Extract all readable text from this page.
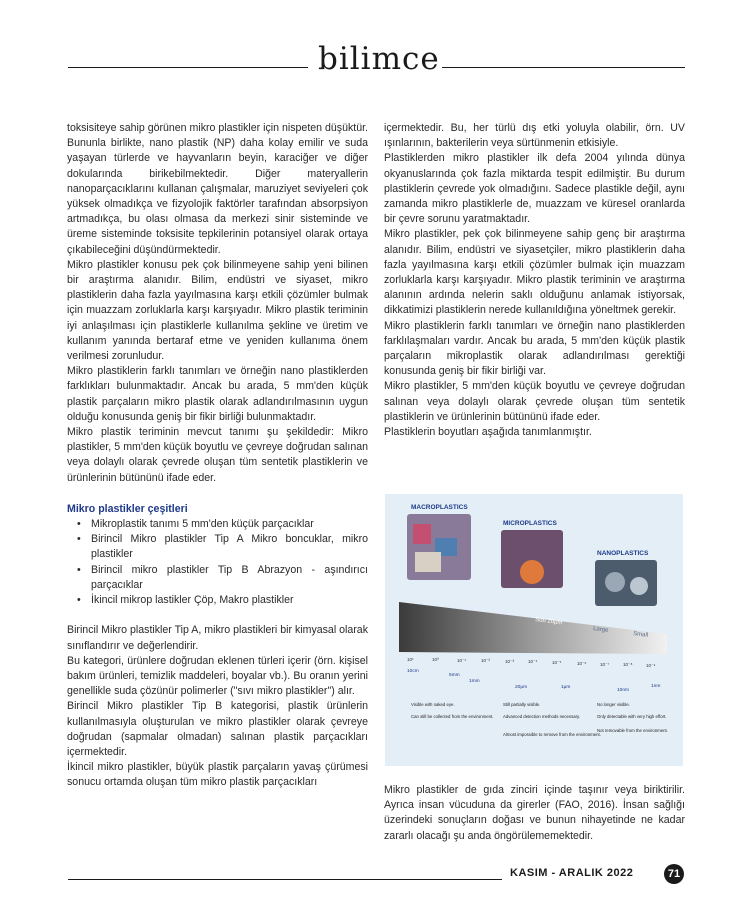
bilimce

toksisiteye sahip görünen mikro plastikler için nispeten düşüktür. Bununla birlikte, nano plastik (NP) daha kolay emilir ve suda yaşayan türlerde ve hayvanların beyin, karaciğer ve diğer dokularında birikebilmektedir. Diğer materyallerin nanoparçacıklarını kullanan çalışmalar, maruziyet seviyeleri çok yüksek olmadıkça ve fizyolojik faktörler tarafından absorpsiyon artmadıkça, bu olası olmasa da merkezi sinir sisteminde ve üreme sisteminde toksisite tepkilerinin potansiyel olarak ortaya çıkabileceğini düşündürmektedir.

Mikro plastikler konusu pek çok bilinmeyene sahip yeni bilinen bir araştırma alanıdır. Bilim, endüstri ve siyaset, mikro plastiklerin daha fazla yayılmasına karşı etkili çözümler bulmak için muazzam zorluklarla karşı karşıyadır. Mikro plastik teriminin iyi anlaşılması için plastiklerle kullanılma şekline ve üretim ve kullanım yanında bertaraf etme ve yeniden kullanıma önem verilmesi zorunludur.

Mikro plastiklerin farklı tanımları ve örneğin nano plastiklerden farklıkları bulunmaktadır. Ancak bu arada, 5 mm'den küçük plastik parçaların mikro plastik olarak adlandırılmasının uygun olduğu konusunda geniş bir fikir birliği bulunmaktadır.

Mikro plastik teriminin mevcut tanımı şu şekildedir: Mikro plastikler, 5 mm'den küçük boyutlu ve çevreye doğrudan salınan veya dolaylı olarak çevrede oluşan tüm sentetik plastiklerin ve ürünlerinin bütününü ifade eder.

Mikro plastikler çeşitleri

• Mikroplastik tanımı 5 mm'den küçük parçacıklar
• Birincil Mikro plastikler Tip A Mikro boncuklar, mikro plastikler
• Birincil mikro plastikler Tip B Abrazyon - aşındırıcı parçacıklar
• İkincil mikrop lastikler Çöp, Makro plastikler

Birincil Mikro plastikler Tip A, mikro plastikleri bir kimyasal olarak sınıflandırır ve değerlendirir.

Bu kategori, ürünlere doğrudan eklenen türleri içerir (örn. kişisel bakım ürünleri, temizlik maddeleri, boyalar vb.). Bu oranın yerini genellikle suda çözünür polimerler ("sıvı mikro plastikler") alır.

Birincil Mikro plastikler Tip B kategorisi, plastik ürünlerin kullanılmasıyla oluşturulan ve mikro plastikler olarak çevreye doğrudan (sapmalar olmadan) salınan plastik parçacıkları içermektedir.

İkincil mikro plastikler, büyük plastik parçaların yavaş çürümesi sonucu ortamda oluşan tüm mikro plastik parçacıkları

içermektedir. Bu, her türlü dış etki yoluyla olabilir, örn. UV ışınlarının, bakterilerin veya sürtünmenin etkisiyle.

Plastiklerden mikro plastikler ilk defa 2004 yılında dünya okyanuslarında çok fazla miktarda tespit edilmiştir. Bu durum plastiklerin çevrede yok olmadığını. Sadece plastikle değil, aynı zamanda mikro plastiklerle de, muazzam ve küresel oranlarda bir çevre sorunu yaratmaktadır.

Mikro plastikler, pek çok bilinmeyene sahip genç bir araştırma alanıdır. Bilim, endüstri ve siyasetçiler, mikro plastiklerin daha fazla yayılmasına karşı etkili çözümler bulmak için muazzam zorluklarla karşı karşıyadır. Mikro plastik teriminin ve araştırma alanının ardında nelerin saklı olduğunu anlamak istiyorsak, dikkatimizi plastiklerin nerede kullanıldığına yöneltmek gerekir.

Mikro plastiklerin farklı tanımları ve örneğin nano plastiklerden farklılaşmaları vardır. Ancak bu arada, 5 mm'den küçük plastik parçaların mikroplastik olarak adlandırılması gerektiği konusunda geniş bir fikir birliği var.

Mikro plastikler, 5 mm'den küçük boyutlu ve çevreye doğrudan salınan veya dolaylı olarak çevrede oluşan tüm sentetik plastiklerin ve ürünlerinin bütününü ifade eder.

Plastiklerin boyutları aşağıda tanımlanmıştır.

MACROPLASTICS
MICROPLASTICS
NANOPLASTICS
large
Small
Sub 20μm
Large
Small
10¹	10⁰	10⁻¹	10⁻²	10⁻³	10⁻⁴	10⁻⁵	10⁻⁶	10⁻⁷	10⁻⁸	10⁻⁹
10cm
5mm
1mm
20μm	1μm
10nm
1nm
Visible with naked eye.
Can still be collected from the environment.
Still partially visible.
Advanced detection methods necessary.
Almost impossible to remove from the environment.
No longer visible.
Only detectable with very high effort.
Not removable from the environment.

Mikro plastikler de gıda zinciri içinde taşınır veya biriktirilir. Ayrıca insan vücuduna da girerler (FAO, 2016). İnsan sağlığı üzerindeki sonuçların doğası ve bunun nihayetinde ne kadar zararlı olacağı şu anda öngörülememektedir.

KASIM - ARALIK 2022	71
